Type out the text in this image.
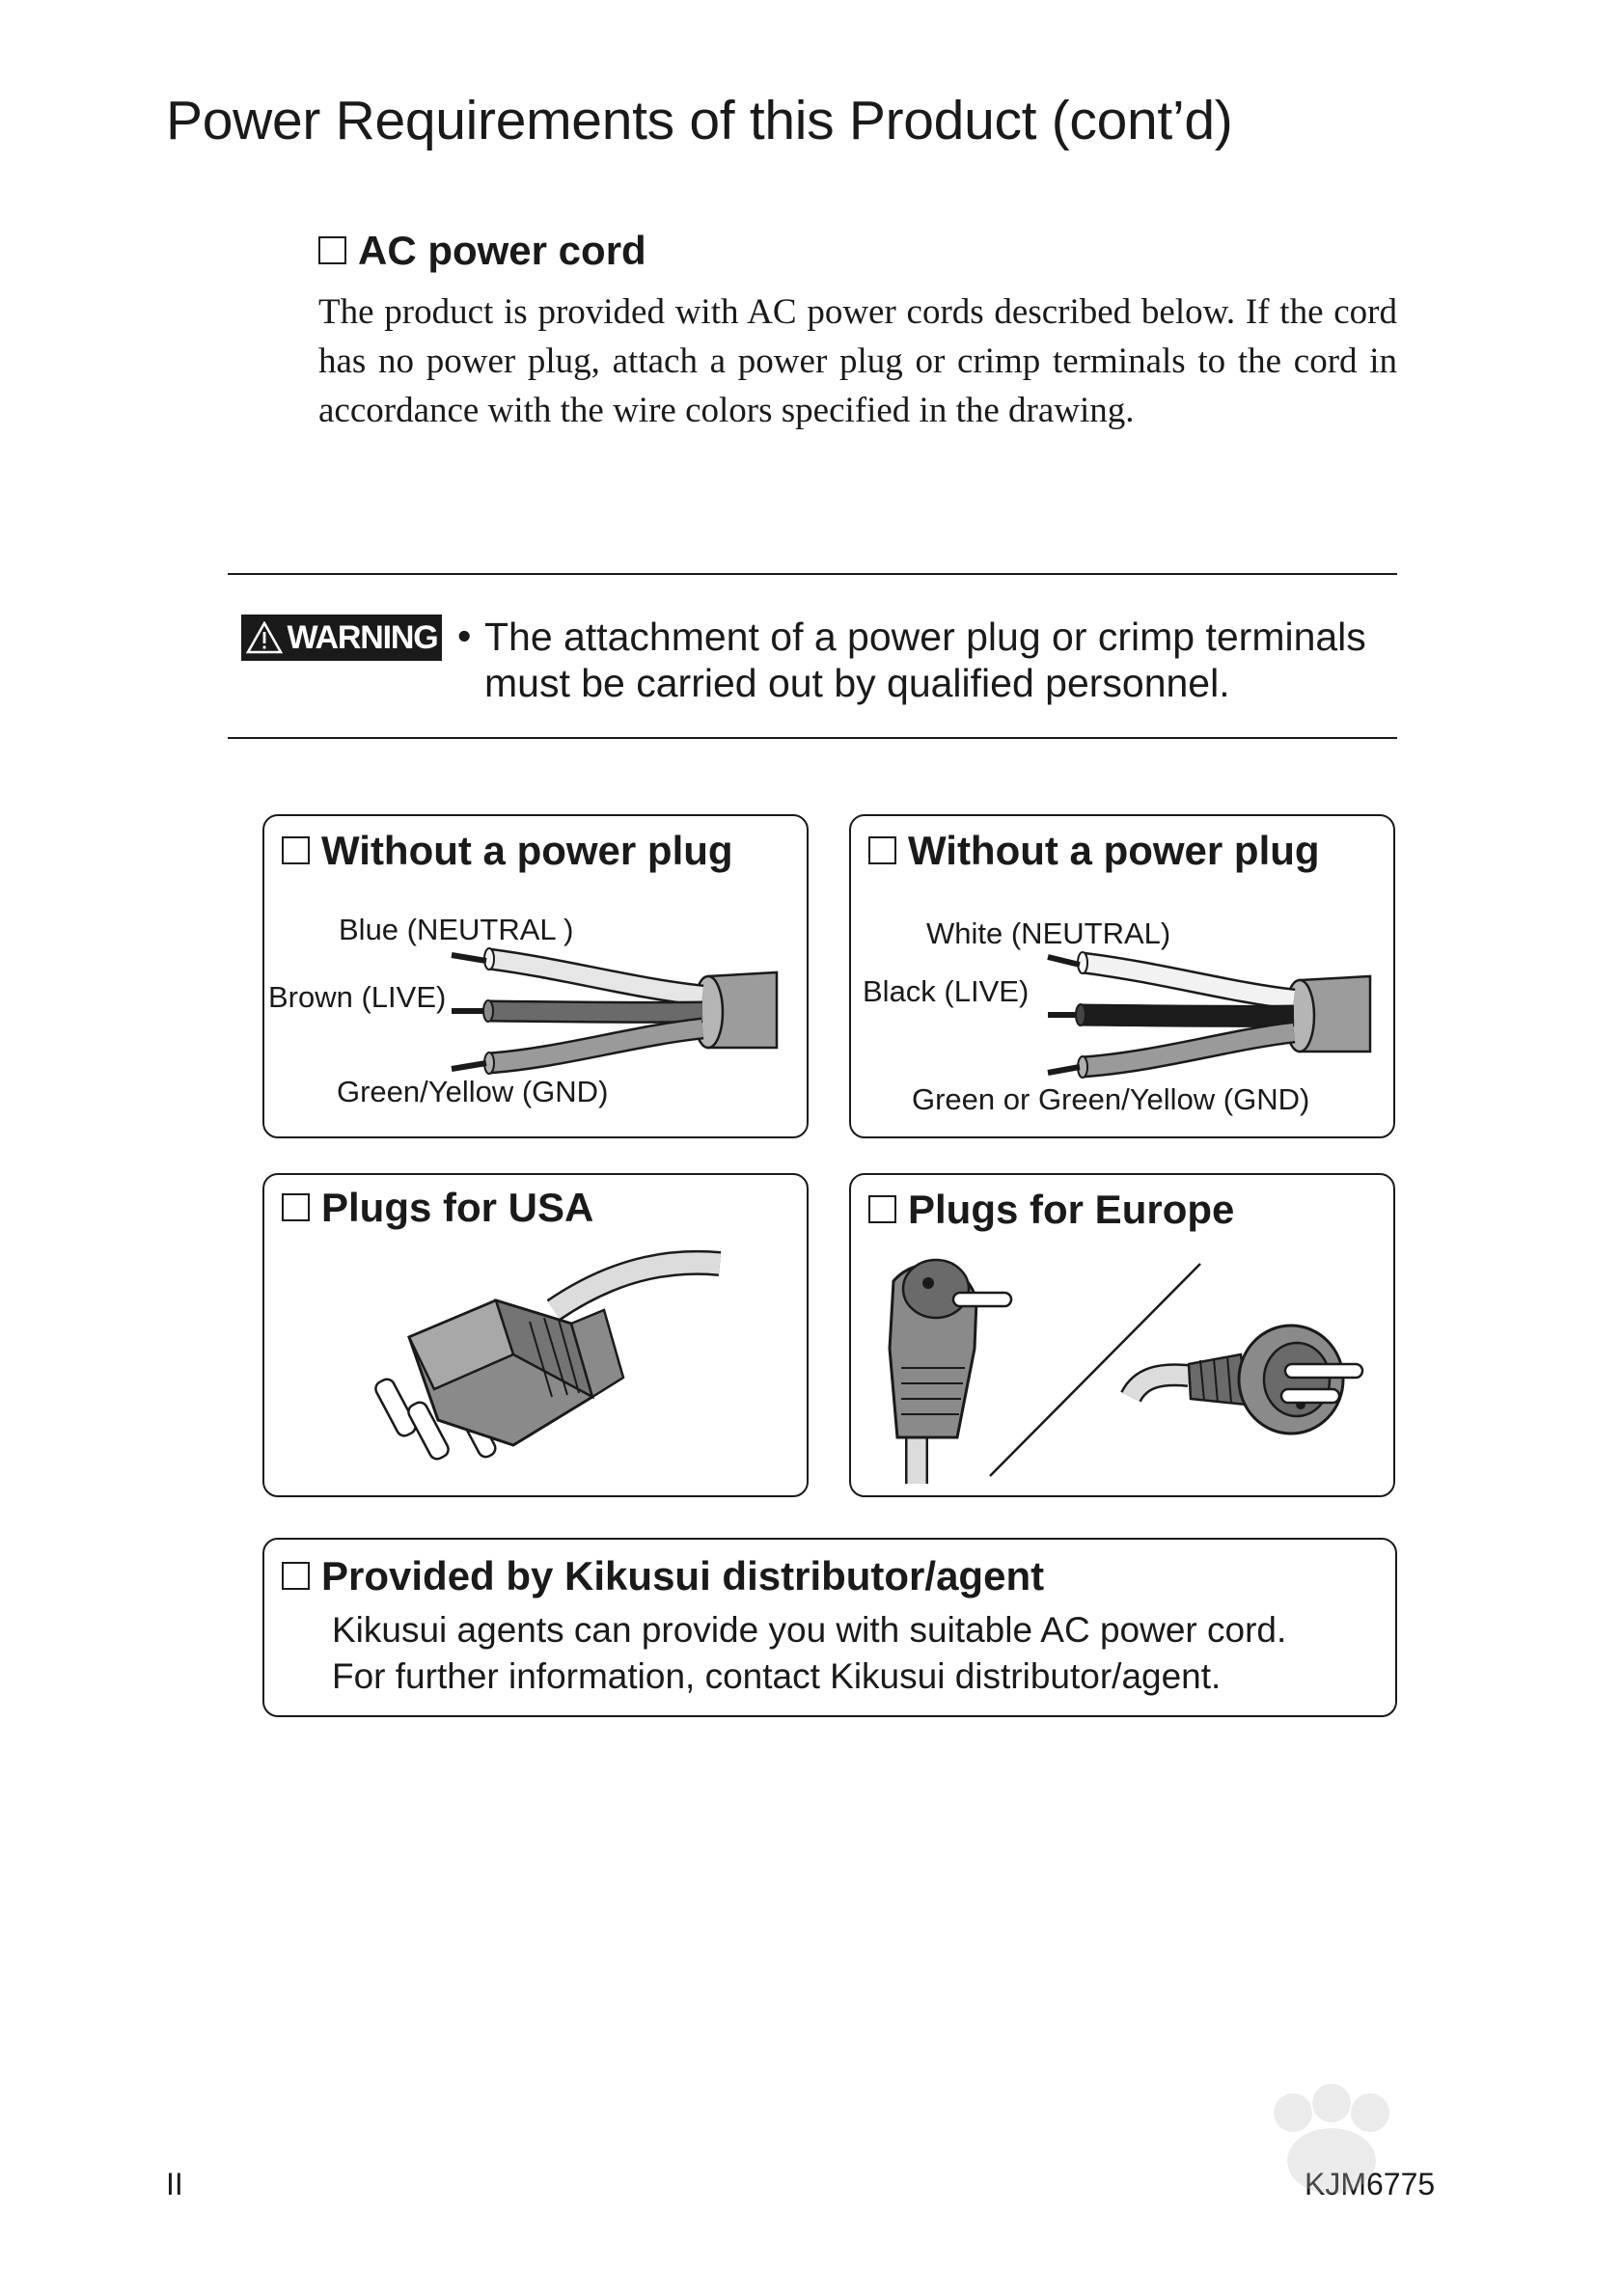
Power Requirements of this Product (cont’d)
AC power cord
The product is provided with AC power cords described below. If the cord has no power plug, attach a power plug or crimp terminals to the cord in accordance with the wire colors specified in the drawing.
WARNING • The attachment of a power plug or crimp terminals
must be carried out by qualified personnel.
Without a power plug
Blue (NEUTRAL )
Brown (LIVE)
Green/Yellow (GND)
Without a power plug
White (NEUTRAL)
Black (LIVE)
Green or Green/Yellow (GND)
Plugs for USA	Plugs for Europe
Provided by Kikusui distributor/agent
Kikusui agents can provide you with suitable AC power cord.
For further information, contact Kikusui distributor/agent.
II	KJM6775
